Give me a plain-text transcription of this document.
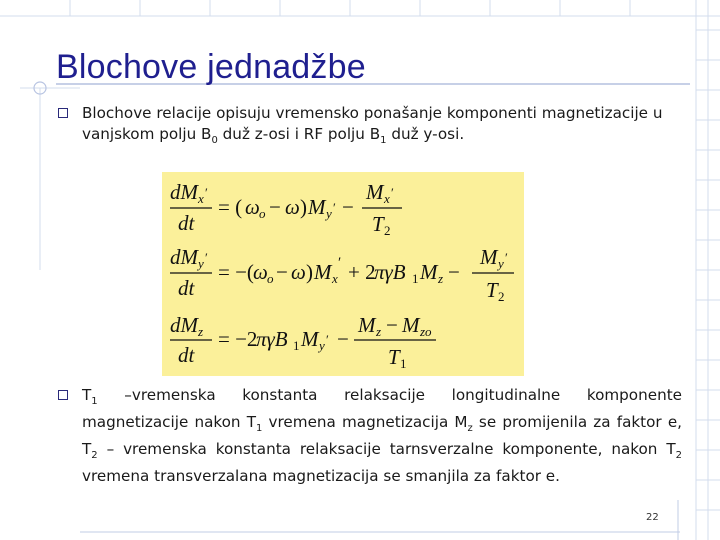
Blochove jednadžbe
Blochove relacije opisuju vremensko ponašanje komponenti magnetizacije u
vanjskom polju $B_0$ duž z-osi i RF polju $B_1$ duž y-osi.
dM x ′
dt
= ( ω o − ω ) M y ′ −
M x ′
T 2
dM y ′
dt
= −( ω o − ω ) M x
′ + 2
πγB 1 M z −
M y ′
T 2
dM z
dt
= −2
πγB 1 M y ′ −
M z − M zo
T 1
$T_1$ –vremenska konstanta relaksacije longitudinalne komponente magnetizacije nakon $T_1$ vremena magnetizacija $M_z$ se promijenila za faktor e, $T_2$ – vremenska konstanta relaksacije tarnsverzalne komponente, nakon $T_2$ vremena transverzalana magnetizacija se smanjila za faktor e.
22
